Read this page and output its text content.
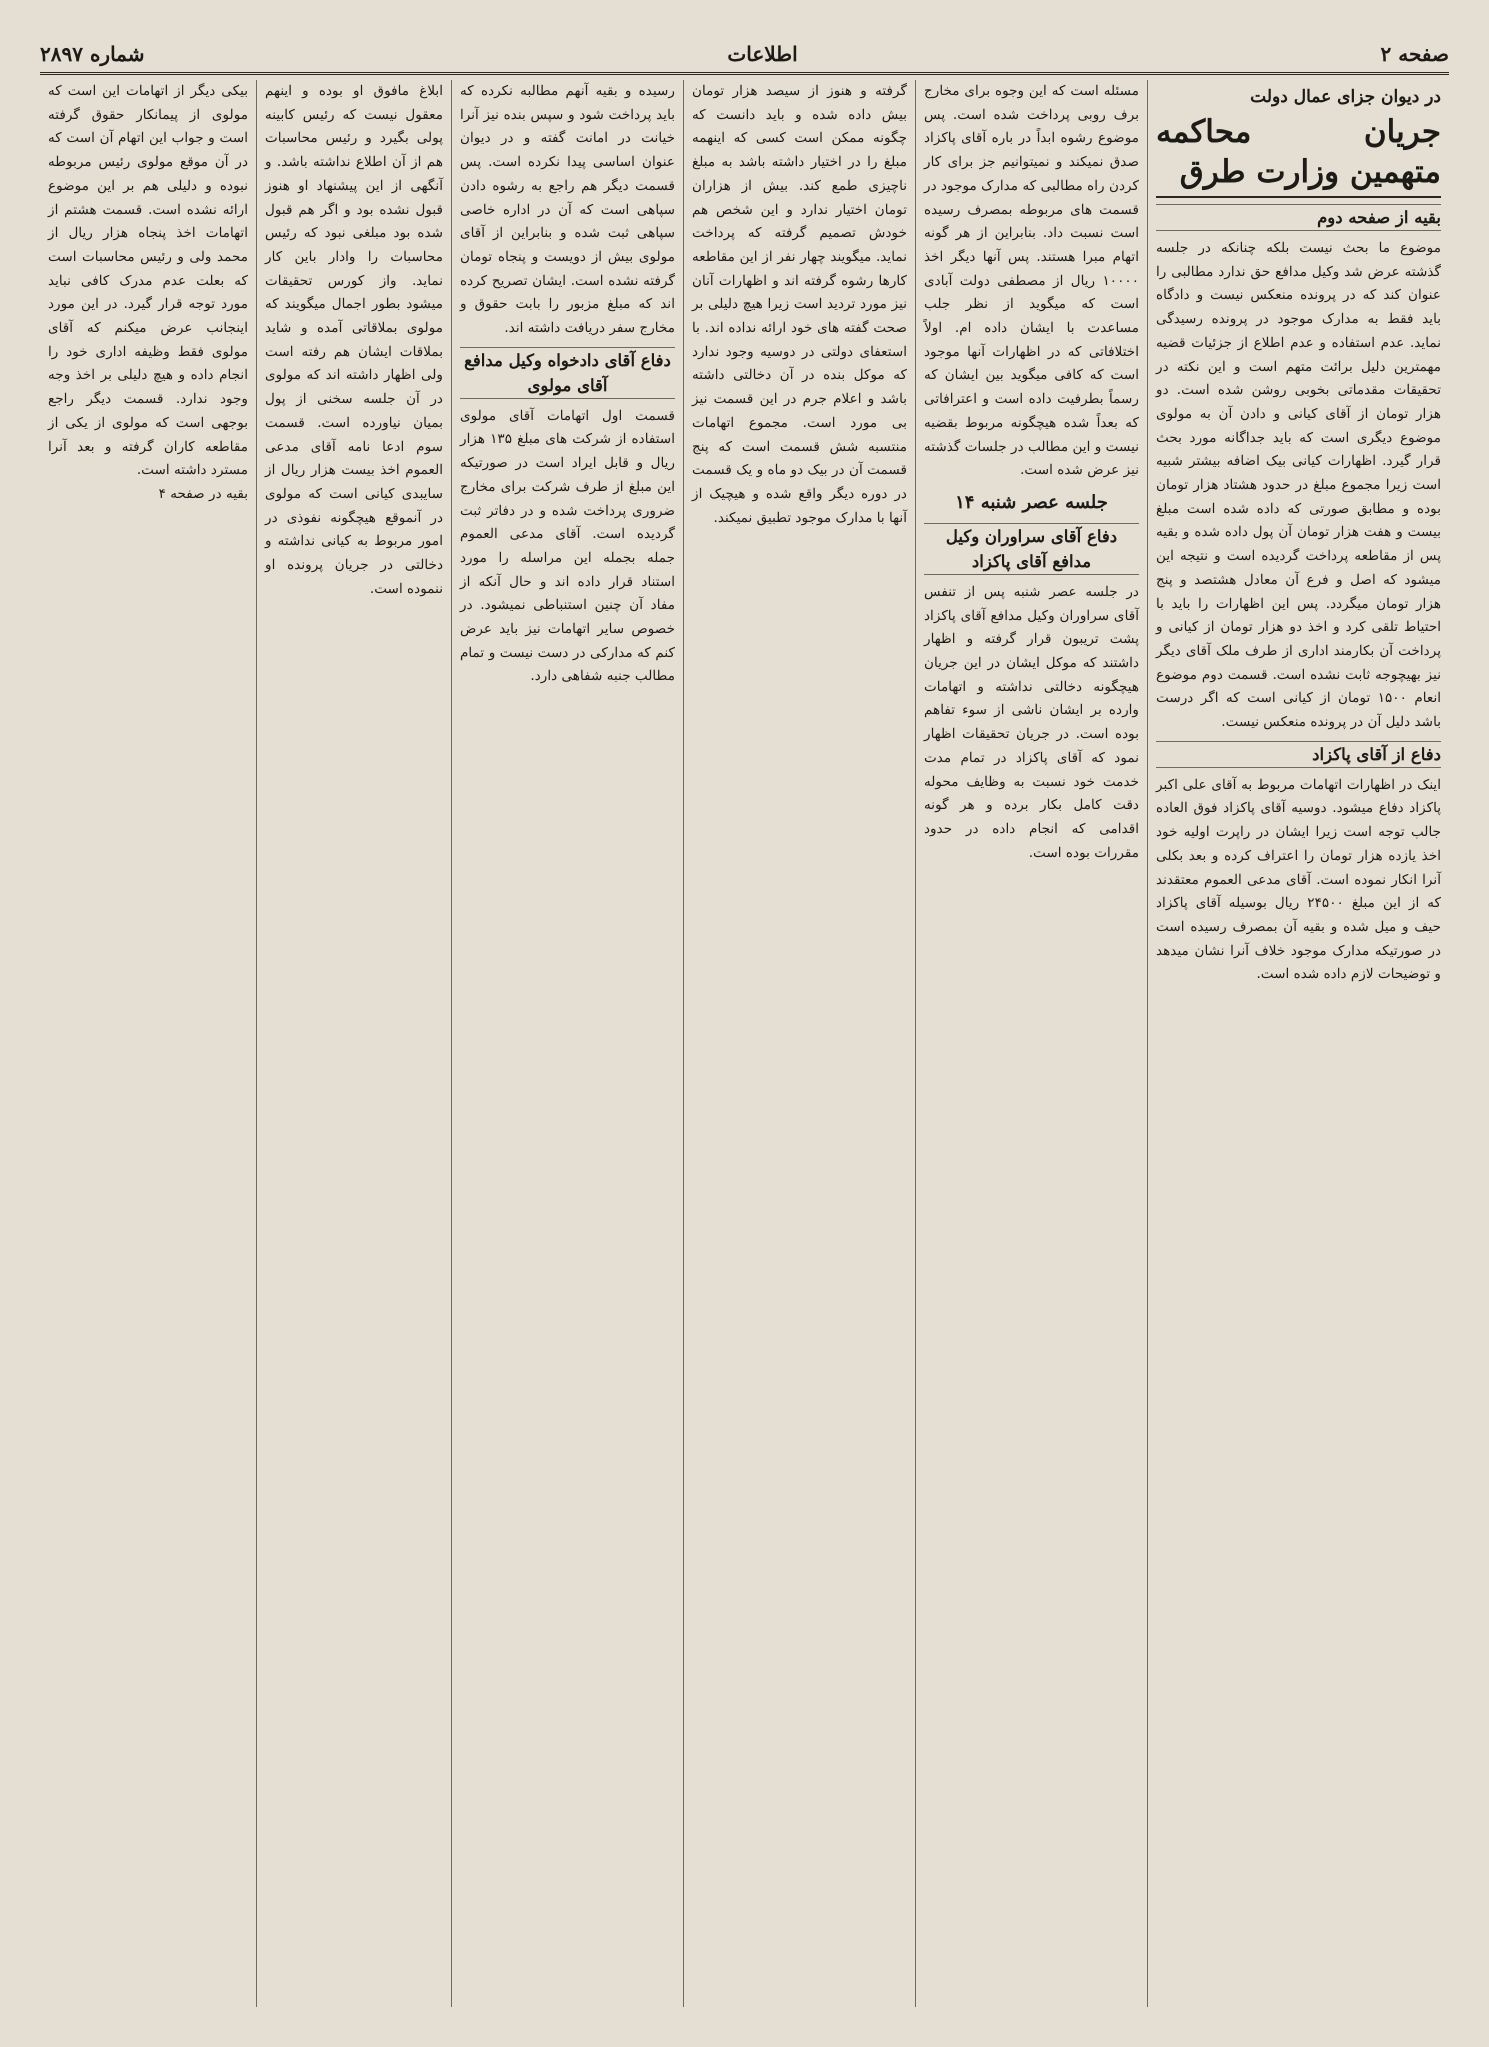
صفحه ۲
اطلاعات
شماره ۲۸۹۷
در دیوان جزای عمال دولت
جریان محاکمه متهمین وزارت طرق
بقیه از صفحه دوم

موضوع ما بحث نیست بلکه چنانکه در جلسه گذشته عرض شد وکیل مدافع حق ندارد مطالبی را عنوان کند که در پرونده منعکس نیست و دادگاه باید فقط به مدارک موجود در پرونده رسیدگی نماید. عدم استفاده و عدم اطلاع از جزئیات قضیه مهمترین دلیل برائت متهم است و این نکته در تحقیقات مقدماتی بخوبی روشن شده است. دو هزار تومان از آقای کیانی و دادن آن به مولوی موضوع دیگری است که باید جداگانه مورد بحث قرار گیرد. اظهارات کیانی بیک اضافه بیشتر شبیه است زیرا مجموع مبلغ در حدود هشتاد هزار تومان بوده و مطابق صورتی که داده شده است مبلغ بیست و هفت هزار تومان آن پول داده شده و بقیه پس از مقاطعه پرداخت گردیده است و نتیجه این میشود که اصل و فرع آن معادل هشتصد و پنج هزار تومان میگردد. پس این اظهارات را باید با احتیاط تلقی کرد و اخذ دو هزار تومان از کیانی و پرداخت آن بکارمند اداری از طرف ملک آقای دیگر نیز بهیچوجه ثابت نشده است. قسمت دوم موضوع انعام ۱۵۰۰ تومان از کیانی است که اگر درست باشد دلیل آن در پرونده منعکس نیست.

دفاع از آقای پاکزاد

اینک در اظهارات اتهامات مربوط به آقای علی اکبر پاکزاد دفاع میشود. دوسیه آقای پاکزاد فوق العاده جالب توجه است زیرا ایشان در راپرت اولیه خود اخذ یازده هزار تومان را اعتراف کرده و بعد بکلی آنرا انکار نموده است. آقای مدعی العموم معتقدند که از این مبلغ ۲۴۵۰۰ ریال بوسیله آقای پاکزاد حیف و میل شده و بقیه آن بمصرف رسیده است در صورتیکه مدارک موجود خلاف آنرا نشان میدهد و توضیحات لازم داده شده است.

مسئله است که این وجوه برای مخارج برف روبی پرداخت شده است. پس موضوع رشوه ابداً در باره آقای پاکزاد صدق نمیکند و نمیتوانیم جز برای کار کردن راه مطالبی که مدارک موجود در قسمت های مربوطه بمصرف رسیده است نسبت داد. بنابراین از هر گونه اتهام مبرا هستند. پس آنها دیگر اخذ ۱۰۰۰۰ ریال از مصطفی دولت آبادی است که میگوید از نظر جلب مساعدت با ایشان داده ام. اولاً اختلافاتی که در اظهارات آنها موجود است که کافی میگوید بین ایشان که رسماً بطرفیت داده است و اعترافاتی که بعداً شده هیچگونه مربوط بقضیه نیست و این مطالب در جلسات گذشته نیز عرض شده است.

جلسه عصر شنبه ۱۴
دفاع آقای سراوران وکیل مدافع آقای پاکزاد

در جلسه عصر شنبه پس از تنفس آقای سراوران وکیل مدافع آقای پاکزاد پشت تریبون قرار گرفته و اظهار داشتند که موکل ایشان در این جریان هیچگونه دخالتی نداشته و اتهامات وارده بر ایشان ناشی از سوء تفاهم بوده است. در جریان تحقیقات اظهار نمود که آقای پاکزاد در تمام مدت خدمت خود نسبت به وظایف محوله دقت کامل بکار برده و هر گونه اقدامی که انجام داده در حدود مقررات بوده است.

گرفته و هنوز از سیصد هزار تومان بیش داده شده و باید دانست که چگونه ممکن است کسی که اینهمه مبلغ را در اختیار داشته باشد به مبلغ ناچیزی طمع کند. بیش از هزاران تومان اختیار ندارد و این شخص هم خودش تصمیم گرفته که پرداخت نماید. میگویند چهار نفر از این مقاطعه کارها رشوه گرفته اند و اظهارات آنان نیز مورد تردید است زیرا هیچ دلیلی بر صحت گفته های خود ارائه نداده اند. با استعفای دولتی در دوسیه وجود ندارد که موکل بنده در آن دخالتی داشته باشد و اعلام جرم در این قسمت نیز بی مورد است. مجموع اتهامات منتسبه شش قسمت است که پنج قسمت آن در بیک دو ماه و یک قسمت در دوره دیگر واقع شده و هیچیک از آنها با مدارک موجود تطبیق نمیکند.

رسیده و بقیه آنهم مطالبه نکرده که باید پرداخت شود و سپس بنده نیز آنرا خیانت در امانت گفته و در دیوان عنوان اساسی پیدا نکرده است. پس قسمت دیگر هم راجع به رشوه دادن سپاهی است که آن در اداره خاصی سپاهی ثبت شده و بنابراین از آقای مولوی بیش از دویست و پنجاه تومان گرفته نشده است. ایشان تصریح کرده اند که مبلغ مزبور را بابت حقوق و مخارج سفر دریافت داشته اند.

دفاع آقای دادخواه وکیل مدافع آقای مولوی

قسمت اول اتهامات آقای مولوی استفاده از شرکت های مبلغ ۱۳۵ هزار ریال و قابل ایراد است در صورتیکه این مبلغ از طرف شرکت برای مخارج ضروری پرداخت شده و در دفاتر ثبت گردیده است. آقای مدعی العموم جمله بجمله این مراسله را مورد استناد قرار داده اند و حال آنکه از مفاد آن چنین استنباطی نمیشود. در خصوص سایر اتهامات نیز باید عرض کنم که مدارکی در دست نیست و تمام مطالب جنبه شفاهی دارد.

ابلاغ مافوق او بوده و اینهم معقول نیست که رئیس کابینه پولی بگیرد و رئیس محاسبات هم از آن اطلاع نداشته باشد. و آنگهی از این پیشنهاد او هنوز قبول نشده بود و اگر هم قبول شده بود مبلغی نبود که رئیس محاسبات را وادار باین کار نماید. واز کورس تحقیقات میشود بطور اجمال میگویند که مولوی بملاقاتی آمده و شاید بملاقات ایشان هم رفته است ولی اظهار داشته اند که مولوی در آن جلسه سخنی از پول بمیان نیاورده است. قسمت سوم ادعا نامه آقای مدعی العموم اخذ بیست هزار ریال از سایبدی کیانی است که مولوی در آنموقع هیچگونه نفوذی در امور مربوط به کیانی نداشته و دخالتی در جریان پرونده او ننموده است.

بیکی دیگر از اتهامات این است که مولوی از پیمانکار حقوق گرفته است و جواب این اتهام آن است که در آن موقع مولوی رئیس مربوطه نبوده و دلیلی هم بر این موضوع ارائه نشده است. قسمت هشتم از اتهامات اخذ پنجاه هزار ریال از محمد ولی و رئیس محاسبات است که بعلت عدم مدرک کافی نباید مورد توجه قرار گیرد. در این مورد اینجانب عرض میکنم که آقای مولوی فقط وظیفه اداری خود را انجام داده و هیچ دلیلی بر اخذ وجه وجود ندارد. قسمت دیگر راجع بوجهی است که مولوی از یکی از مقاطعه کاران گرفته و بعد آنرا مسترد داشته است.

بقیه در صفحه ۴
